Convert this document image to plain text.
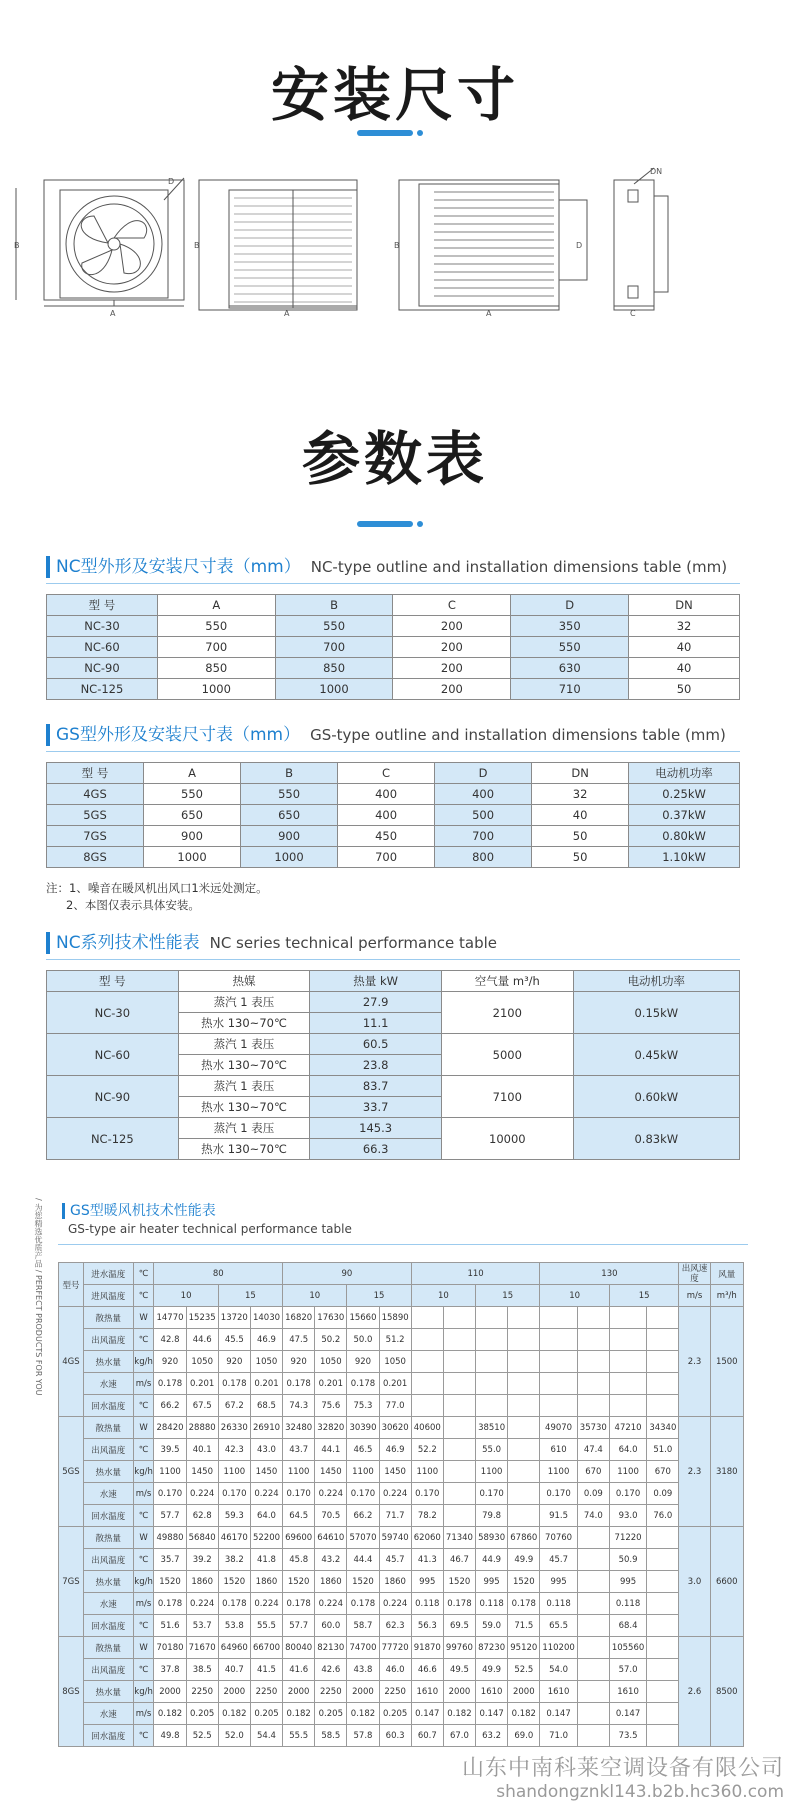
安装尺寸
A	A	A	C
B	B	B	D
D
DN
参数表
NC型外形及安装尺寸表（mm） NC-type outline and installation dimensions table (mm)
型 号	A	B	C	D	DN
NC-30	550	550	200	350	32
NC-60	700	700	200	550	40
NC-90	850	850	200	630	40
NC-125	1000	1000	200	710	50
GS型外形及安装尺寸表（mm） GS-type outline and installation dimensions table (mm)
型 号	A	B	C	D	DN	电动机功率
4GS	550	550	400	400	32	0.25kW
5GS	650	650	400	500	40	0.37kW
7GS	900	900	450	700	50	0.80kW
8GS	1000	1000	700	800	50	1.10kW
注：1、噪音在暖风机出风口1米远处测定。
2、本图仅表示具体安装。
NC系列技术性能表 NC series technical performance table
型 号	热媒	热量 kW	空气量 m³/h	电动机功率
NC-30	蒸汽 1 表压	27.9	2100	0.15kW
	热水 130~70℃	11.1		
NC-60	蒸汽 1 表压	60.5	5000	0.45kW
	热水 130~70℃	23.8		
NC-90	蒸汽 1 表压	83.7	7100	0.60kW
	热水 130~70℃	33.7		
NC-125	蒸汽 1 表压	145.3	10000	0.83kW
	热水 130~70℃	66.3		
/ 为您精选优质产品 / PERFECT PRODUCTS FOR YOU	GS型暖风机技术性能表
GS-type air heater technical performance table
型号	进水温度	℃	80				90				110				130				出风速度	风量
	进风温度	℃	10		15		10		15		10		15		10		15		m/s	m³/h
4GS	散热量	W	14770	15235	13720	14030	16820	17630	15660	15890									2.3	1500
	出风温度	℃	42.8	44.6	45.5	46.9	47.5	50.2	50.0	51.2										
	热水量	kg/h	920	1050	920	1050	920	1050	920	1050										
	水速	m/s	0.178	0.201	0.178	0.201	0.178	0.201	0.178	0.201										
	回水温度	℃	66.2	67.5	67.2	68.5	74.3	75.6	75.3	77.0										
5GS	散热量	W	28420	28880	26330	26910	32480	32820	30390	30620	40600		38510		49070	35730	47210	34340	2.3	3180
	出风温度	℃	39.5	40.1	42.3	43.0	43.7	44.1	46.5	46.9	52.2		55.0		610	47.4	64.0	51.0		
	热水量	kg/h	1100	1450	1100	1450	1100	1450	1100	1450	1100		1100		1100	670	1100	670		
	水速	m/s	0.170	0.224	0.170	0.224	0.170	0.224	0.170	0.224	0.170		0.170		0.170	0.09	0.170	0.09		
	回水温度	℃	57.7	62.8	59.3	64.0	64.5	70.5	66.2	71.7	78.2		79.8		91.5	74.0	93.0	76.0		
7GS	散热量	W	49880	56840	46170	52200	69600	64610	57070	59740	62060	71340	58930	67860	70760		71220		3.0	6600
	出风温度	℃	35.7	39.2	38.2	41.8	45.8	43.2	44.4	45.7	41.3	46.7	44.9	49.9	45.7		50.9			
	热水量	kg/h	1520	1860	1520	1860	1520	1860	1520	1860	995	1520	995	1520	995		995			
	水速	m/s	0.178	0.224	0.178	0.224	0.178	0.224	0.178	0.224	0.118	0.178	0.118	0.178	0.118		0.118			
	回水温度	℃	51.6	53.7	53.8	55.5	57.7	60.0	58.7	62.3	56.3	69.5	59.0	71.5	65.5		68.4			
8GS	散热量	W	70180	71670	64960	66700	80040	82130	74700	77720	91870	99760	87230	95120	110200		105560		2.6	8500
	出风温度	℃	37.8	38.5	40.7	41.5	41.6	42.6	43.8	46.0	46.6	49.5	49.9	52.5	54.0		57.0			
	热水量	kg/h	2000	2250	2000	2250	2000	2250	2000	2250	1610	2000	1610	2000	1610		1610			
	水速	m/s	0.182	0.205	0.182	0.205	0.182	0.205	0.182	0.205	0.147	0.182	0.147	0.182	0.147		0.147			
	回水温度	℃	49.8	52.5	52.0	54.4	55.5	58.5	57.8	60.3	60.7	67.0	63.2	69.0	71.0		73.5			
山东中南科莱空调设备有限公司
shandongznkl143.b2b.hc360.com
